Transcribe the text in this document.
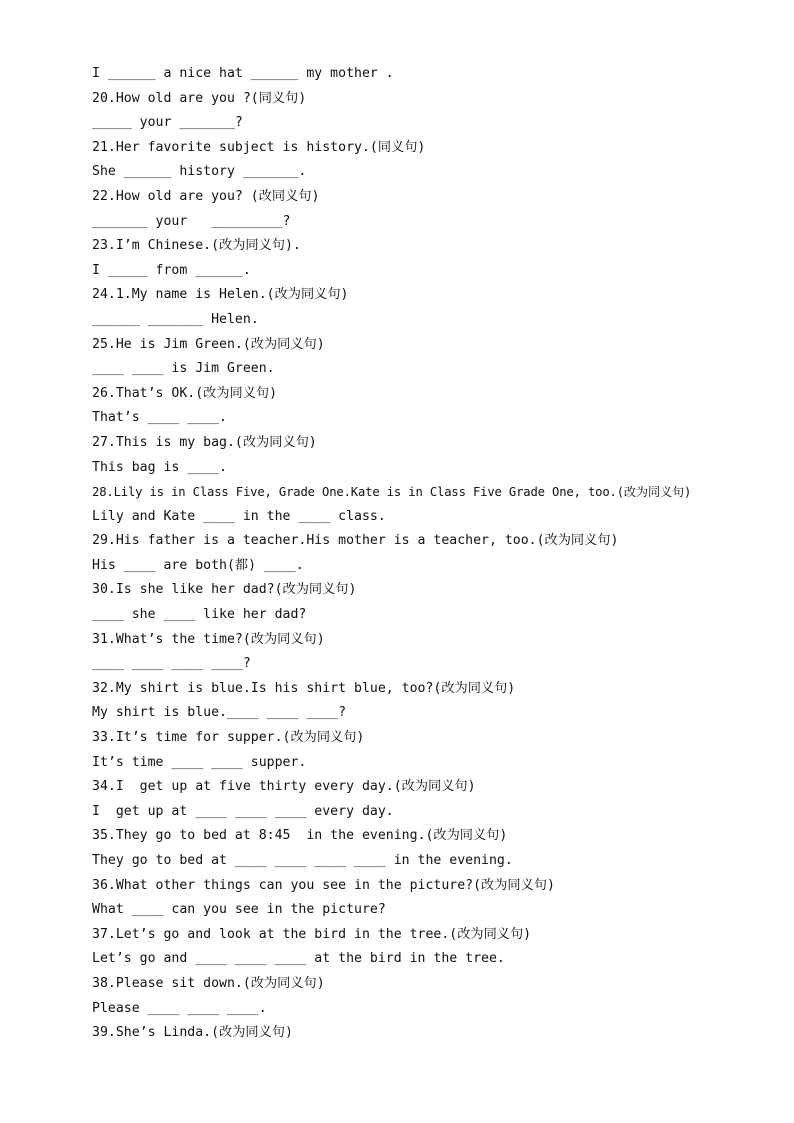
I ______ a nice hat ______ my mother .
20.How old are you ?(同义句)
_____ your _______?
21.Her favorite subject is history.(同义句)
She ______ history _______.
22.How old are you? (改同义句)
_______ your   _________?
23.I’m Chinese.(改为同义句).
I _____ from ______.
24.1.My name is Helen.(改为同义句)
______ _______ Helen.
25.He is Jim Green.(改为同义句)
____ ____ is Jim Green.
26.That’s OK.(改为同义句)
That’s ____ ____.
27.This is my bag.(改为同义句)
This bag is ____.
28.Lily is in Class Five, Grade One.Kate is in Class Five Grade One, too.(改为同义句)
Lily and Kate ____ in the ____ class.
29.His father is a teacher.His mother is a teacher, too.(改为同义句)
His ____ are both(都) ____.
30.Is she like her dad?(改为同义句)
____ she ____ like her dad?
31.What’s the time?(改为同义句)
____ ____ ____ ____?
32.My shirt is blue.Is his shirt blue, too?(改为同义句)
My shirt is blue.____ ____ ____?
33.It’s time for supper.(改为同义句)
It’s time ____ ____ supper.
34.I  get up at five thirty every day.(改为同义句)
I  get up at ____ ____ ____ every day.
35.They go to bed at 8:45  in the evening.(改为同义句)
They go to bed at ____ ____ ____ ____ in the evening.
36.What other things can you see in the picture?(改为同义句)
What ____ can you see in the picture?
37.Let’s go and look at the bird in the tree.(改为同义句)
Let’s go and ____ ____ ____ at the bird in the tree.
38.Please sit down.(改为同义句)
Please ____ ____ ____.
39.She’s Linda.(改为同义句)
